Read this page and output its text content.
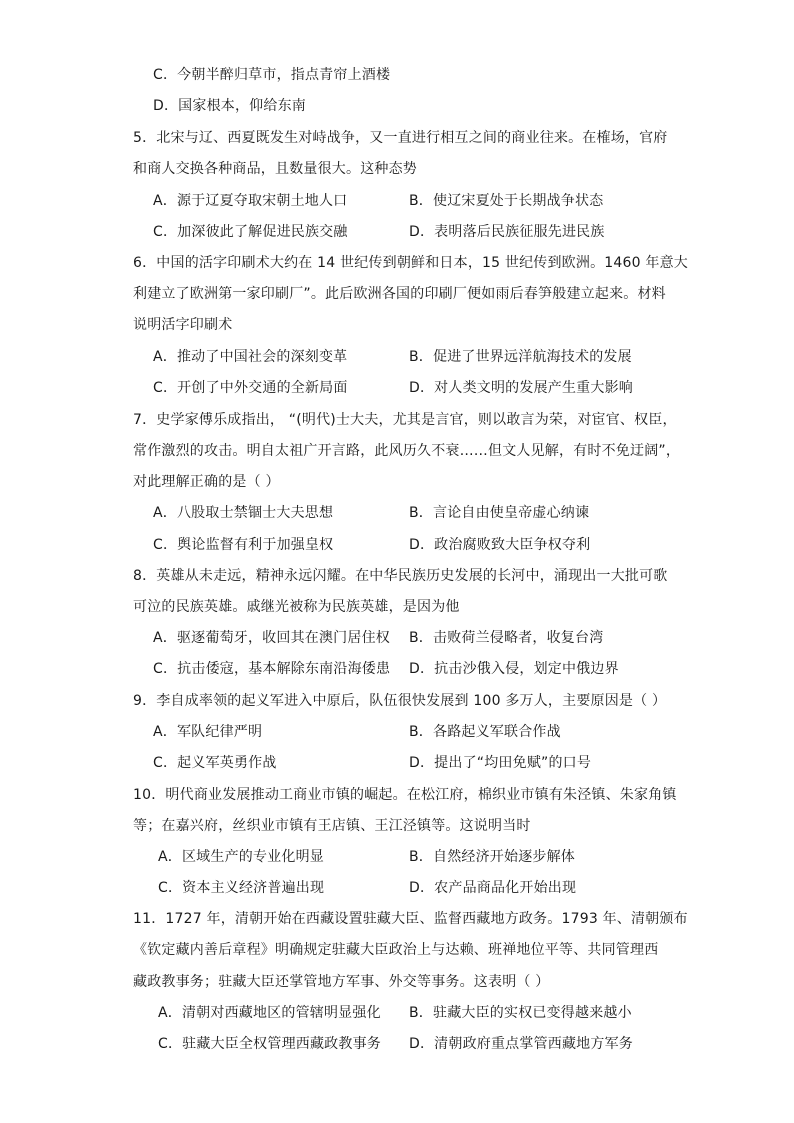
C．今朝半醉归草市，指点青帘上酒楼
D．国家根本，仰给东南
5．北宋与辽、西夏既发生对峙战争，又一直进行相互之间的商业往来。在榷场，官府
和商人交换各种商品，且数量很大。这种态势
A．源于辽夏夺取宋朝土地人口	B．使辽宋夏处于长期战争状态
C．加深彼此了解促进民族交融	D．表明落后民族征服先进民族
6．中国的活字印刷术大约在 14 世纪传到朝鲜和日本，15 世纪传到欧洲。1460 年意大
利建立了欧洲第一家印刷厂”。此后欧洲各国的印刷厂便如雨后春笋般建立起来。材料
说明活字印刷术
A．推动了中国社会的深刻变革	B．促进了世界远洋航海技术的发展
C．开创了中外交通的全新局面	D．对人类文明的发展产生重大影响
7．史学家傅乐成指出， “(明代)士大夫，尤其是言官，则以敢言为荣，对宦官、权臣，
常作激烈的攻击。明自太祖广开言路，此风历久不衰……但文人见解，有时不免迂阔”，
对此理解正确的是（ ）
A．八股取士禁锢士大夫思想	B．言论自由使皇帝虚心纳谏
C．舆论监督有利于加强皇权	D．政治腐败致大臣争权夺利
8．英雄从未走远，精神永远闪耀。在中华民族历史发展的长河中，涌现出一大批可歌
可泣的民族英雄。戚继光被称为民族英雄，是因为他
A．驱逐葡萄牙，收回其在澳门居住权 B．击败荷兰侵略者，收复台湾
C．抗击倭寇，基本解除东南沿海倭患 D．抗击沙俄入侵，划定中俄边界
9．李自成率领的起义军进入中原后，队伍很快发展到 100 多万人，主要原因是（ ）
A．军队纪律严明	B．各路起义军联合作战
C．起义军英勇作战	D．提出了“均田免赋”的口号
10．明代商业发展推动工商业市镇的崛起。在松江府，棉织业市镇有朱泾镇、朱家角镇
等；在嘉兴府，丝织业市镇有王店镇、王江泾镇等。这说明当时
A．区域生产的专业化明显	B．自然经济开始逐步解体
C．资本主义经济普遍出现	D．农产品商品化开始出现
11．1727 年，清朝开始在西藏设置驻藏大臣、监督西藏地方政务。1793 年、清朝颁布
《钦定藏内善后章程》明确规定驻藏大臣政治上与达赖、班禅地位平等、共同管理西
藏政教事务；驻藏大臣还掌管地方军事、外交等事务。这表明（ ）
A．清朝对西藏地区的管辖明显强化 B．驻藏大臣的实权已变得越来越小
C．驻藏大臣全权管理西藏政教事务 D．清朝政府重点掌管西藏地方军务
